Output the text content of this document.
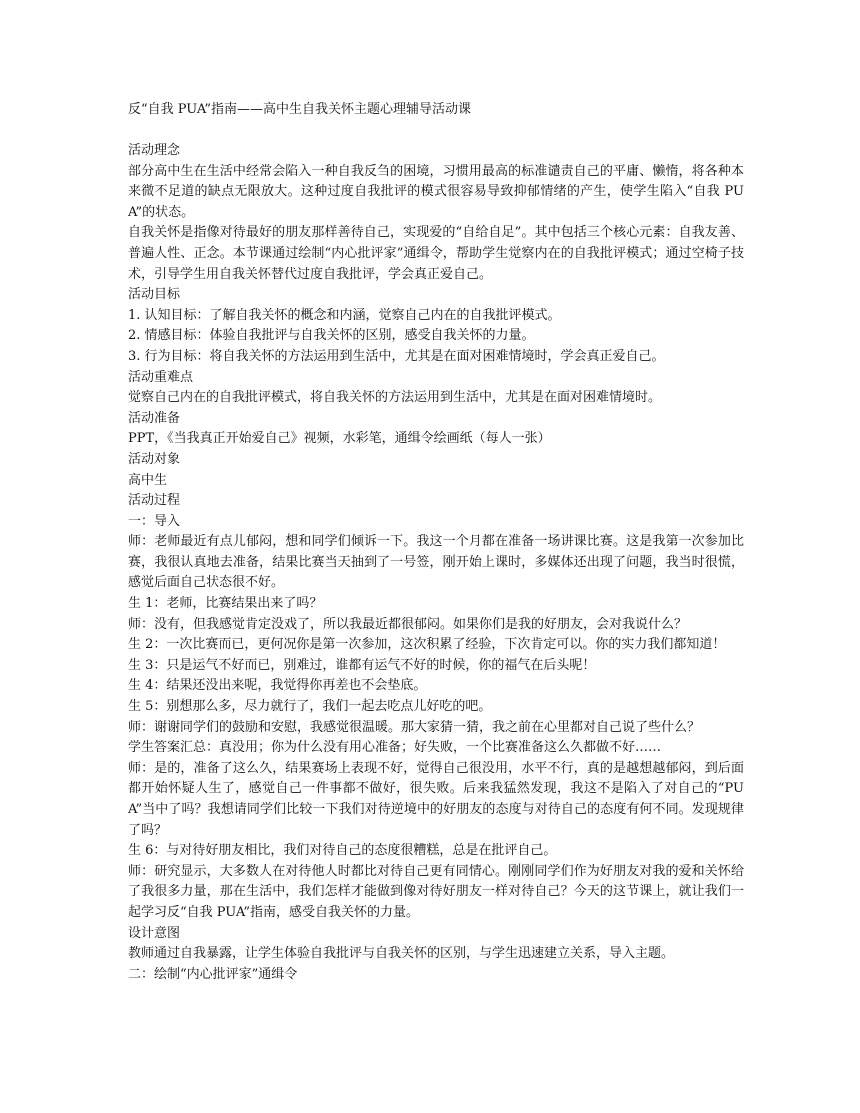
反“自我 PUA”指南——高中生自我关怀主题心理辅导活动课
活动理念
部分高中生在生活中经常会陷入一种自我反刍的困境，习惯用最高的标准谴责自己的平庸、懒惰，将各种本来微不足道的缺点无限放大。这种过度自我批评的模式很容易导致抑郁情绪的产生，使学生陷入“自我 PUA”的状态。
自我关怀是指像对待最好的朋友那样善待自己，实现爱的“自给自足”。其中包括三个核心元素：自我友善、普遍人性、正念。本节课通过绘制“内心批评家”通缉令，帮助学生觉察内在的自我批评模式；通过空椅子技术，引导学生用自我关怀替代过度自我批评，学会真正爱自己。
活动目标
1. 认知目标：了解自我关怀的概念和内涵，觉察自己内在的自我批评模式。
2. 情感目标：体验自我批评与自我关怀的区别，感受自我关怀的力量。
3. 行为目标：将自我关怀的方法运用到生活中，尤其是在面对困难情境时，学会真正爱自己。
活动重难点
觉察自己内在的自我批评模式，将自我关怀的方法运用到生活中，尤其是在面对困难情境时。
活动准备
PPT，《当我真正开始爱自己》视频，水彩笔，通缉令绘画纸（每人一张）
活动对象
高中生
活动过程
一：导入
师：老师最近有点儿郁闷，想和同学们倾诉一下。我这一个月都在准备一场讲课比赛。这是我第一次参加比赛，我很认真地去准备，结果比赛当天抽到了一号签，刚开始上课时，多媒体还出现了问题，我当时很慌，感觉后面自己状态很不好。
生 1：老师，比赛结果出来了吗？
师：没有，但我感觉肯定没戏了，所以我最近都很郁闷。如果你们是我的好朋友，会对我说什么？
生 2：一次比赛而已，更何况你是第一次参加，这次积累了经验，下次肯定可以。你的实力我们都知道！
生 3：只是运气不好而已，别难过，谁都有运气不好的时候，你的福气在后头呢！
生 4：结果还没出来呢，我觉得你再差也不会垫底。
生 5：别想那么多，尽力就行了，我们一起去吃点儿好吃的吧。
师：谢谢同学们的鼓励和安慰，我感觉很温暖。那大家猜一猜，我之前在心里都对自己说了些什么？
学生答案汇总：真没用；你为什么没有用心准备；好失败，一个比赛准备这么久都做不好……
师：是的，准备了这么久，结果赛场上表现不好，觉得自己很没用，水平不行，真的是越想越郁闷，到后面都开始怀疑人生了，感觉自己一件事都不做好，很失败。后来我猛然发现，我这不是陷入了对自己的“PUA”当中了吗？我想请同学们比较一下我们对待逆境中的好朋友的态度与对待自己的态度有何不同。发现规律了吗？
生 6：与对待好朋友相比，我们对待自己的态度很糟糕，总是在批评自己。
师：研究显示，大多数人在对待他人时都比对待自己更有同情心。刚刚同学们作为好朋友对我的爱和关怀给了我很多力量，那在生活中，我们怎样才能做到像对待好朋友一样对待自己？今天的这节课上，就让我们一起学习反“自我 PUA”指南，感受自我关怀的力量。
设计意图
教师通过自我暴露，让学生体验自我批评与自我关怀的区别，与学生迅速建立关系，导入主题。
二：绘制“内心批评家”通缉令
